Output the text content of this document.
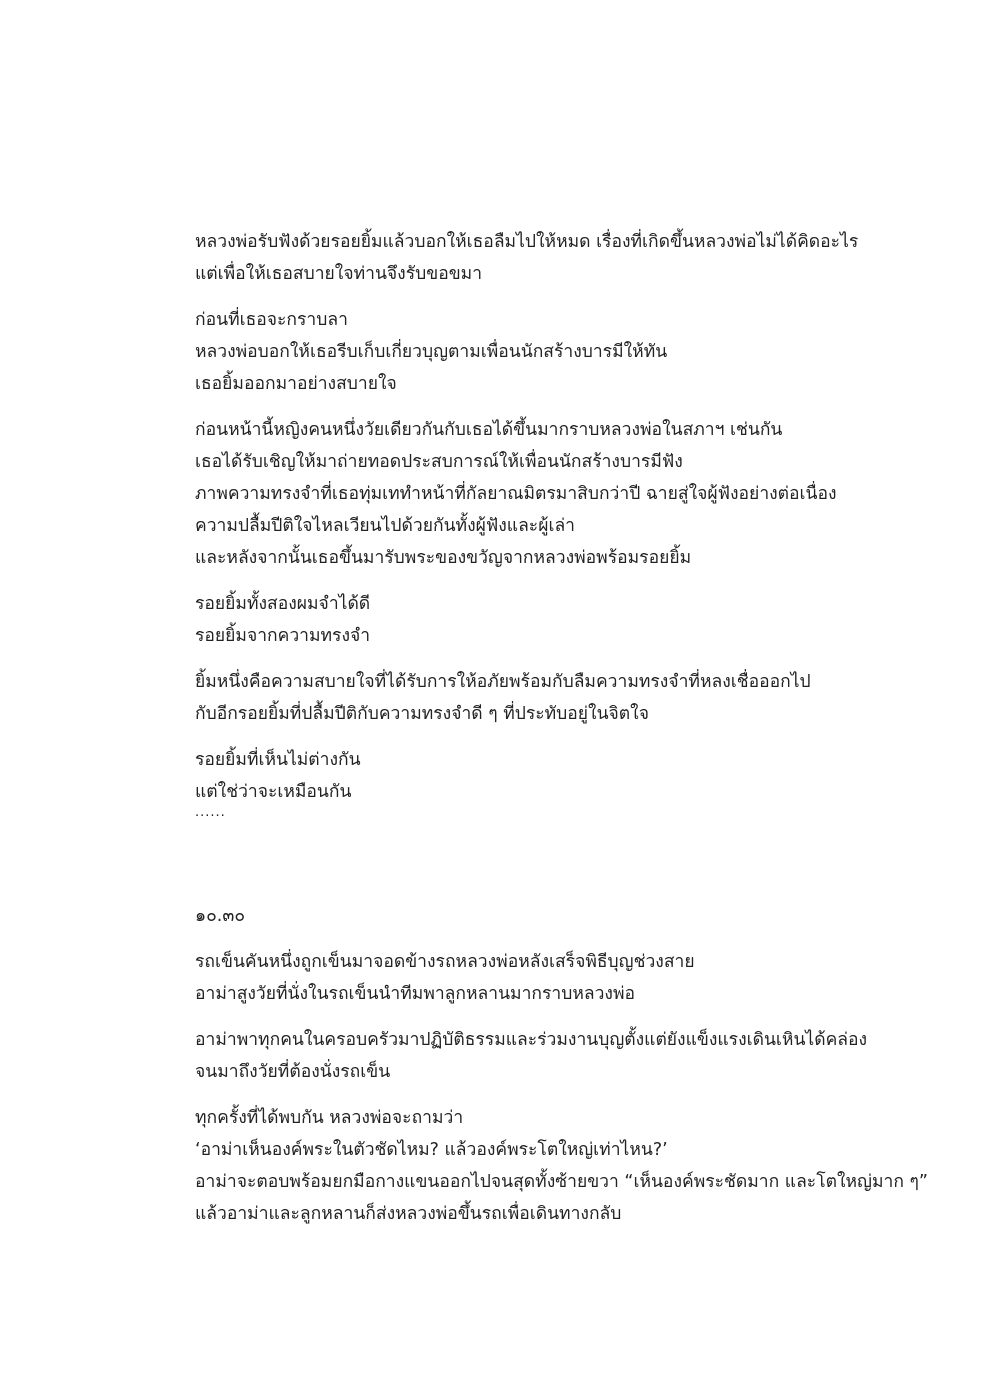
หลวงพ่อรับฟังด้วยรอยยิ้มแล้วบอกให้เธอลืมไปให้หมด เรื่องที่เกิดขึ้นหลวงพ่อไม่ได้คิดอะไร
แต่เพื่อให้เธอสบายใจท่านจึงรับขอขมา
ก่อนที่เธอจะกราบลา
หลวงพ่อบอกให้เธอรีบเก็บเกี่ยวบุญตามเพื่อนนักสร้างบารมีให้ทัน
เธอยิ้มออกมาอย่างสบายใจ
ก่อนหน้านี้หญิงคนหนึ่งวัยเดียวกันกับเธอได้ขึ้นมากราบหลวงพ่อในสภาฯ เช่นกัน
เธอได้รับเชิญให้มาถ่ายทอดประสบการณ์ให้เพื่อนนักสร้างบารมีฟัง
ภาพความทรงจำที่เธอทุ่มเททำหน้าที่กัลยาณมิตรมาสิบกว่าปี ฉายสู่ใจผู้ฟังอย่างต่อเนื่อง
ความปลื้มปีติใจไหลเวียนไปด้วยกันทั้งผู้ฟังและผู้เล่า
และหลังจากนั้นเธอขึ้นมารับพระของขวัญจากหลวงพ่อพร้อมรอยยิ้ม
รอยยิ้มทั้งสองผมจำได้ดี
รอยยิ้มจากความทรงจำ
ยิ้มหนึ่งคือความสบายใจที่ได้รับการให้อภัยพร้อมกับลืมความทรงจำที่หลงเชื่อออกไป
กับอีกรอยยิ้มที่ปลื้มปีติกับความทรงจำดี ๆ ที่ประทับอยู่ในจิตใจ
รอยยิ้มที่เห็นไม่ต่างกัน
แต่ใช่ว่าจะเหมือนกัน
......
๑๐.๓๐
รถเข็นคันหนึ่งถูกเข็นมาจอดข้างรถหลวงพ่อหลังเสร็จพิธีบุญช่วงสาย
อาม่าสูงวัยที่นั่งในรถเข็นนำทีมพาลูกหลานมากราบหลวงพ่อ
อาม่าพาทุกคนในครอบครัวมาปฏิบัติธรรมและร่วมงานบุญตั้งแต่ยังแข็งแรงเดินเหินได้คล่อง
จนมาถึงวัยที่ต้องนั่งรถเข็น
ทุกครั้งที่ได้พบกัน หลวงพ่อจะถามว่า
‘อาม่าเห็นองค์พระในตัวชัดไหม? แล้วองค์พระโตใหญ่เท่าไหน?’
อาม่าจะตอบพร้อมยกมือกางแขนออกไปจนสุดทั้งซ้ายขวา “เห็นองค์พระชัดมาก และโตใหญ่มาก ๆ”
แล้วอาม่าและลูกหลานก็ส่งหลวงพ่อขึ้นรถเพื่อเดินทางกลับ
